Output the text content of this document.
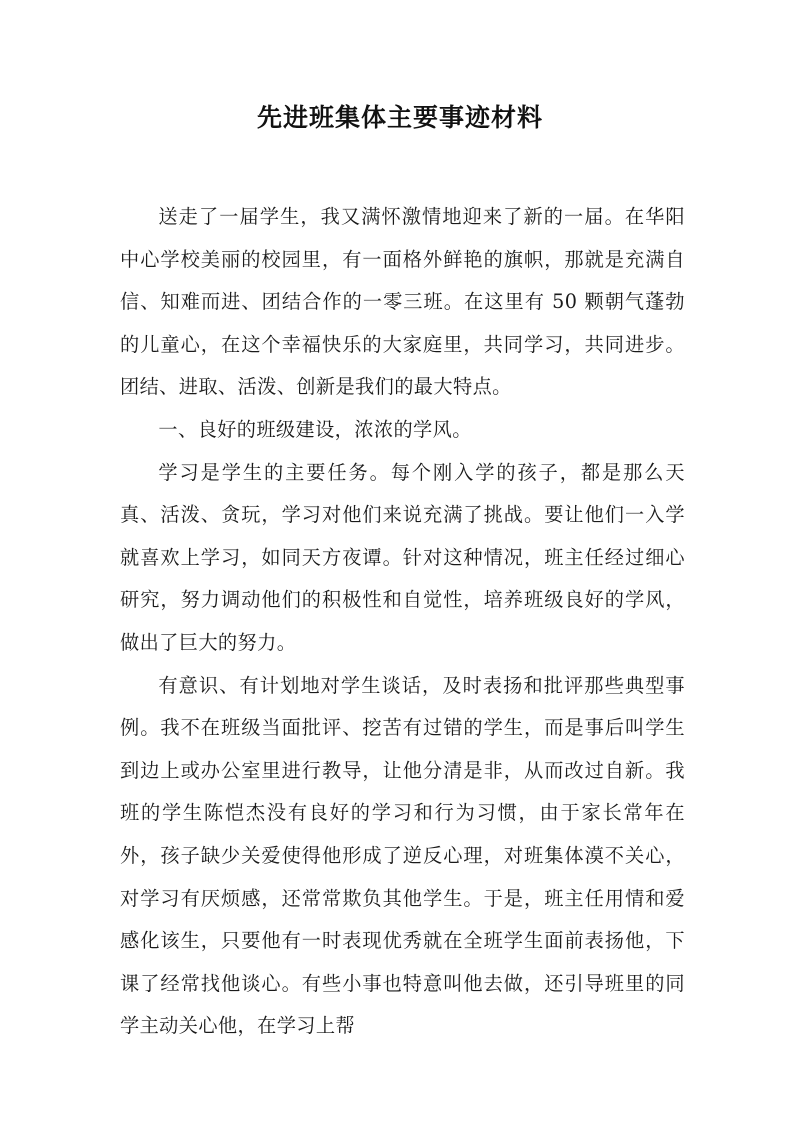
先进班集体主要事迹材料

送走了一届学生，我又满怀激情地迎来了新的一届。在华阳中心学校美丽的校园里，有一面格外鲜艳的旗帜，那就是充满自信、知难而进、团结合作的一零三班。在这里有 50 颗朝气蓬勃的儿童心，在这个幸福快乐的大家庭里，共同学习，共同进步。团结、进取、活泼、创新是我们的最大特点。

一、良好的班级建设，浓浓的学风。

学习是学生的主要任务。每个刚入学的孩子，都是那么天真、活泼、贪玩，学习对他们来说充满了挑战。要让他们一入学就喜欢上学习，如同天方夜谭。针对这种情况，班主任经过细心研究，努力调动他们的积极性和自觉性，培养班级良好的学风，做出了巨大的努力。

有意识、有计划地对学生谈话，及时表扬和批评那些典型事例。我不在班级当面批评、挖苦有过错的学生，而是事后叫学生到边上或办公室里进行教导，让他分清是非，从而改过自新。我班的学生陈恺杰没有良好的学习和行为习惯，由于家长常年在外，孩子缺少关爱使得他形成了逆反心理，对班集体漠不关心，对学习有厌烦感，还常常欺负其他学生。于是，班主任用情和爱感化该生，只要他有一时表现优秀就在全班学生面前表扬他，下课了经常找他谈心。有些小事也特意叫他去做，还引导班里的同学主动关心他，在学习上帮
